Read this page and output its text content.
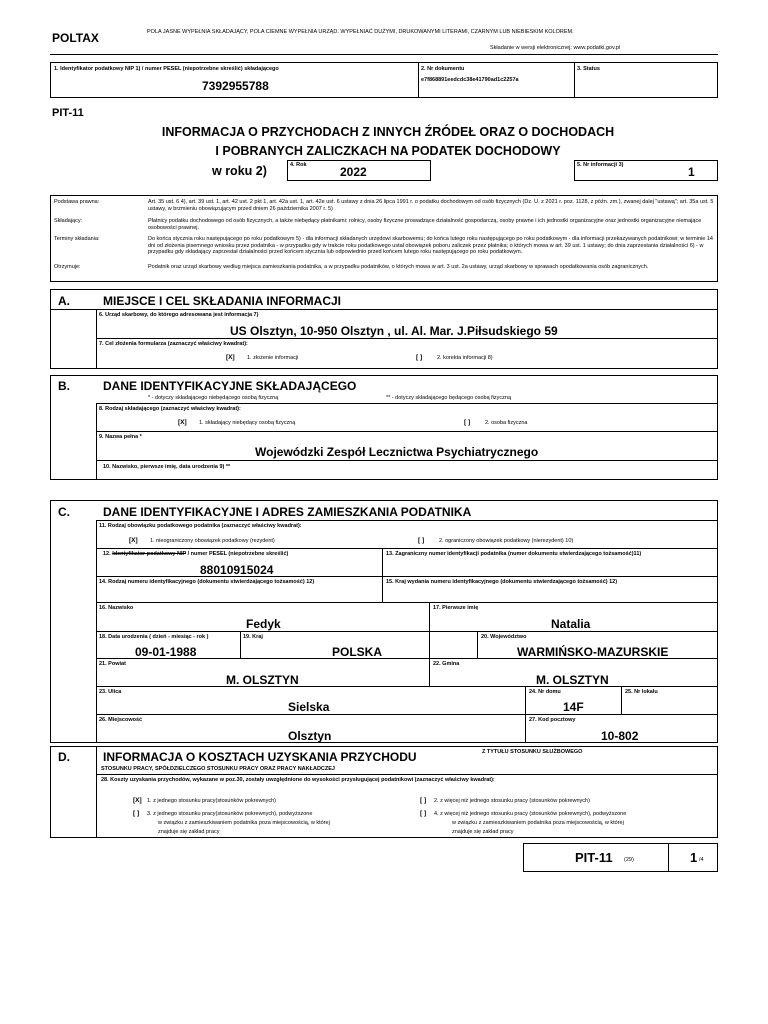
POLTAX	POLA JASNE WYPEŁNIA SKŁADAJĄCY, POLA CIEMNE WYPEŁNIA URZĄD. WYPEŁNIAĆ DUŻYMI, DRUKOWANYMI LITERAMI, CZARNYM LUB NIEBIESKIM KOLOREM.
Składanie w wersji elektronicznej: www.podatki.gov.pl
1. Identyfikator podatkowy NIP 1) / numer PESEL (niepotrzebne skreślić) składającego
7392955788
2. Nr dokumentu
e7f868891eedcdc38e41790ad1c2257a
3. Status
PIT-11
INFORMACJA O PRZYCHODACH Z INNYCH ŹRÓDEŁ ORAZ O DOCHODACH
I POBRANYCH ZALICZKACH NA PODATEK DOCHODOWY
w roku 2)	4. Rok	2022	5. Nr informacji 3)	1
Podstawa prawna:	Art. 35 ust. 6 4), art. 39 ust. 1, art. 42 ust. 2 pkt 1, art. 42a ust. 1, art. 42e ust. 6 ustawy z dnia 26 lipca 1991 r. o podatku dochodowym od osób fizycznych (Dz. U. z 2021 r. poz. 1128, z późn. zm.), zwanej dalej "ustawą"; art. 35a ust. 5 ustawy, w brzmieniu obowiązującym przed dniem 26 października 2007 r. 5)
Składający:	Płatnicy podatku dochodowego od osób fizycznych, a także niebędący płatnikami: rolnicy, osoby fizyczne prowadzące działalność gospodarczą, osoby prawne i ich jednostki organizacyjne oraz jednostki organizacyjne niemające osobowości prawnej.
Terminy składania:	Do końca stycznia roku następującego po roku podatkowym 5) - dla informacji składanych urzędowi skarbowemu; do końca lutego roku następującego po roku podatkowym - dla informacji przekazywanych podatnikowi; w terminie 14 dni od złożenia pisemnego wniosku przez podatnika - w przypadku gdy w trakcie roku podatkowego ustał obowiązek poboru zaliczek przez płatnika; o których mowa w art. 39 ust. 1 ustawy; do dnia zaprzestania działalności 6) - w przypadku gdy składający zaprzestał działalności przed końcem stycznia lub odpowiednio przed końcem lutego roku następującego po roku podatkowym.
Otrzymuje:	Podatnik oraz urząd skarbowy według miejsca zamieszkania podatnika, a w przypadku podatników, o których mowa w art. 3 ust. 2a ustawy, urząd skarbowy w sprawach opodatkowania osób zagranicznych.
A.	MIEJSCE I CEL SKŁADANIA INFORMACJI
6. Urząd skarbowy, do którego adresowana jest informacja 7)
US Olsztyn, 10-950 Olsztyn , ul. Al. Mar. J.Piłsudskiego 59
7. Cel złożenia formularza (zaznaczyć właściwy kwadrat):
[X] 1. złożenie informacji	[ ]	2. korekta informacji 8)
B.	DANE IDENTYFIKACYJNE SKŁADAJĄCEGO
* - dotyczy składającego niebędącego osobą fizyczną	** - dotyczy składającego będącego osobą fizyczną
8. Rodzaj składającego (zaznaczyć właściwy kwadrat):
[X] 1. składający niebędący osobą fizyczną	[ ]	2. osoba fizyczna
9. Nazwa pełna *
Wojewódzki Zespół Lecznictwa Psychiatrycznego
10. Nazwisko, pierwsze imię, data urodzenia 9) **
C.	DANE IDENTYFIKACYJNE I ADRES ZAMIESZKANIA PODATNIKA
11. Rodzaj obowiązku podatkowego podatnika (zaznaczyć właściwy kwadrat):
[X] 1. nieograniczony obowiązek podatkowy (rezydent)	[ ]	2. ograniczony obowiązek podatkowy (nierezydent) 10)
12. Identyfikator podatkowy NIP / numer PESEL (niepotrzebne skreślić)
88010915024
13. Zagraniczny numer identyfikacji podatnika (numer dokumentu stwierdzającego tożsamość)11)
14. Rodzaj numeru identyfikacyjnego (dokumentu stwierdzającego tożsamość) 12)	15. Kraj wydania numeru identyfikacyjnego (dokumentu stwierdzającego tożsamość) 12)
16. Nazwisko
Fedyk
17. Pierwsze imię
Natalia
18. Data urodzenia ( dzień - miesiąc - rok )
09-01-1988
19. Kraj
POLSKA
20. Województwo
WARMIŃSKO-MAZURSKIE
21. Powiat
M. OLSZTYN
22. Gmina
M. OLSZTYN
23. Ulica
Sielska
24. Nr domu
14F
25. Nr lokalu
26. Miejscowość
Olsztyn
27. Kod pocztowy
10-802
D.	INFORMACJA O KOSZTACH UZYSKANIA PRZYCHODU	Z TYTUŁU STOSUNKU SŁUŻBOWEGO
STOSUNKU PRACY, SPÓŁDZIELCZEGO STOSUNKU PRACY ORAZ PRACY NAKŁADCZEJ
28. Koszty uzyskania przychodów, wykazane w poz.30, zostały uwzględnione do wysokości przysługującej podatnikowi (zaznaczyć właściwy kwadrat):
[X] 1. z jednego stosunku pracy(stosunków pokrewnych)	[ ] 2. z więcej niż jednego stosunku pracy (stosunków pokrewnych)
[ ] 3. z jednego stosunku pracy(stosunków pokrewnych), podwyższone
w związku z zamieszkiwaniem podatnika poza miejscowością, w której
znajduje się zakład pracy
[ ] 4. z więcej niż jednego stosunku pracy (stosunków pokrewnych), podwyższone
w związku z zamieszkiwaniem podatnika poza miejscowością, w której
znajduje się zakład pracy
PIT-11 (29)	1 /4
